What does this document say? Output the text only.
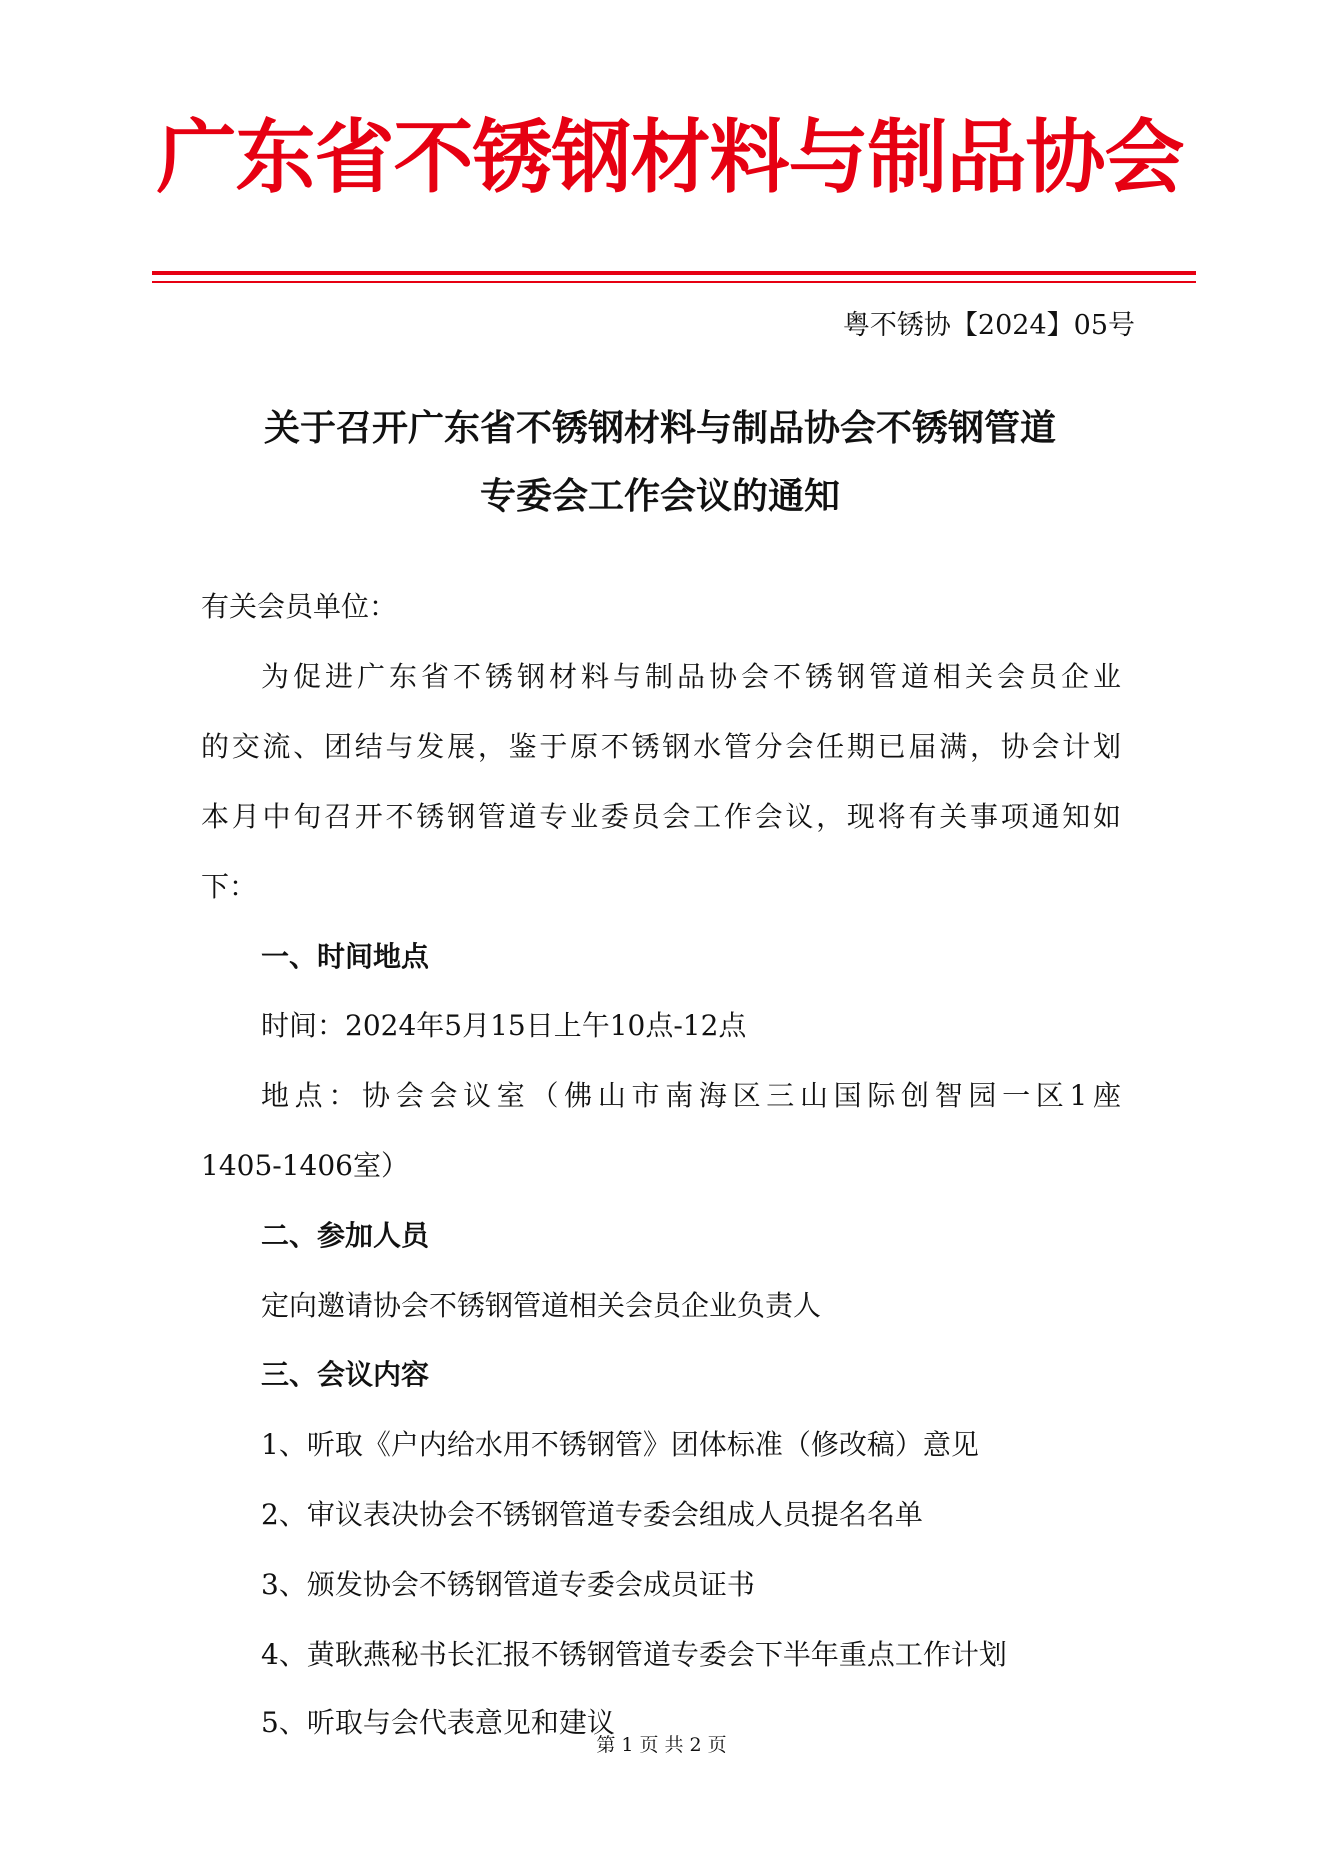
广东省不锈钢材料与制品协会
粤不锈协【2024】05号
关于召开广东省不锈钢材料与制品协会不锈钢管道
专委会工作会议的通知
有关会员单位：
为促进广东省不锈钢材料与制品协会不锈钢管道相关会员企业
的交流、团结与发展，鉴于原不锈钢水管分会任期已届满，协会计划
本月中旬召开不锈钢管道专业委员会工作会议，现将有关事项通知如
下：
一、时间地点
时间：2024年5月15日上午10点-12点
地点：协会会议室（佛山市南海区三山国际创智园一区1座
1405-1406室）
二、参加人员
定向邀请协会不锈钢管道相关会员企业负责人
三、会议内容
1、听取《户内给水用不锈钢管》团体标准（修改稿）意见
2、审议表决协会不锈钢管道专委会组成人员提名名单
3、颁发协会不锈钢管道专委会成员证书
4、黄耿燕秘书长汇报不锈钢管道专委会下半年重点工作计划
5、听取与会代表意见和建议
第 1 页 共 2 页
